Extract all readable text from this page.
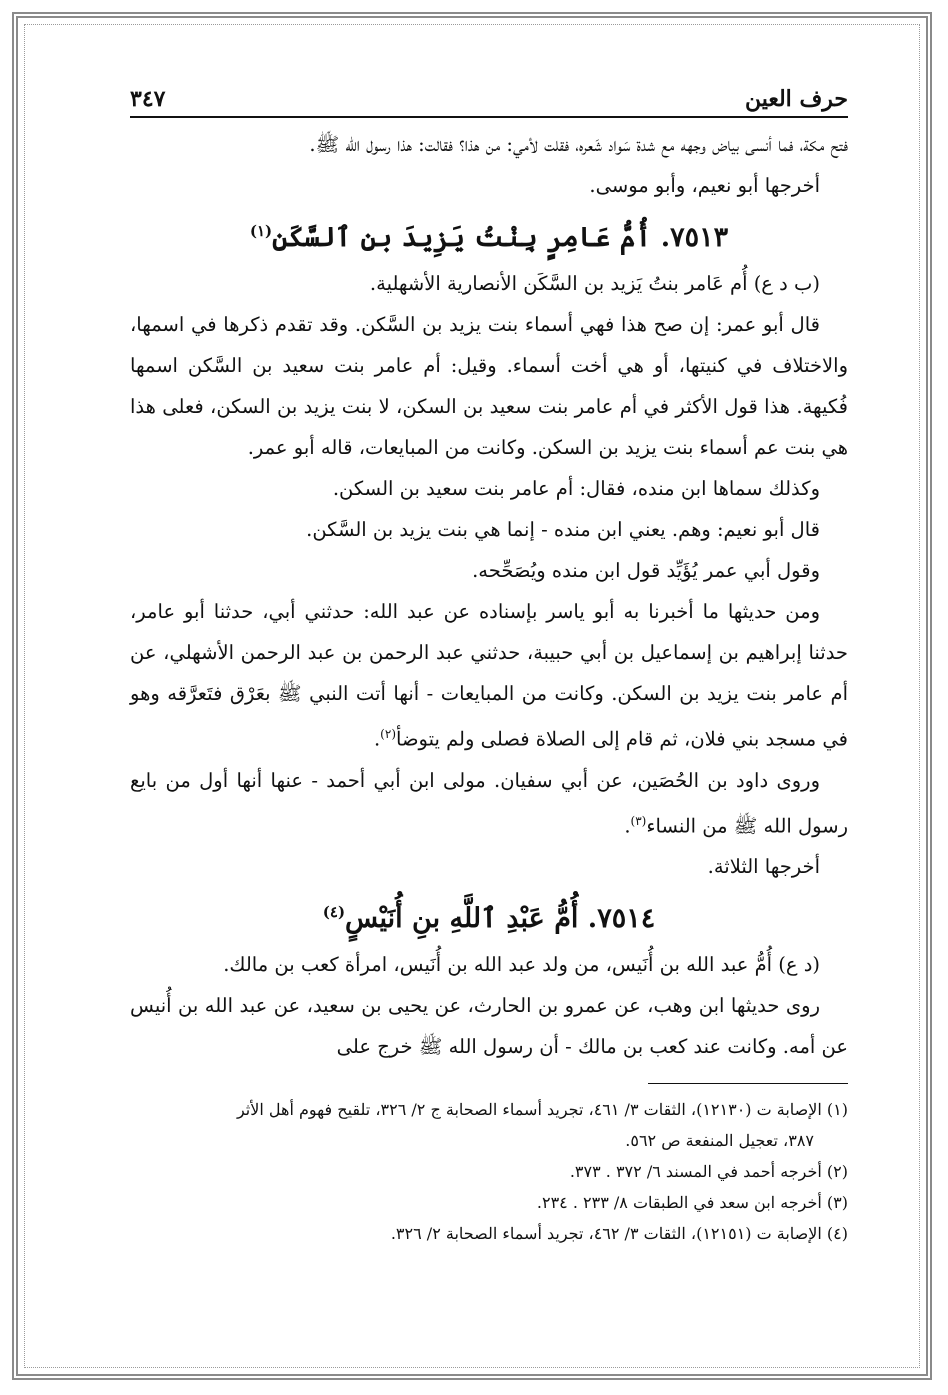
حرف العين
٣٤٧

فتح مكة، فما أنسى بياض وجهه مع شدة سَواد شَعره، فقلت لأمي: من هذا؟ فقالت: هذا رسول الله ﷺ.

أخرجها أبو نعيم، وأبو موسى.

٧٥١٣. أُمُّ عَامِرٍ بِنْتُ يَزِيدَ بنِ ٱلسَّكَنِ$^{(١)}$

(ب د ع) أُم عَامر بنتُ يَزيد بن السَّكَن الأنصارية الأشهلية.

قال أبو عمر: إن صح هذا فهي أسماء بنت يزيد بن السَّكن. وقد تقدم ذكرها في اسمها، والاختلاف في كنيتها، أو هي أخت أسماء. وقيل: أم عامر بنت سعيد بن السَّكن اسمها فُكيهة. هذا قول الأكثر في أم عامر بنت سعيد بن السكن، لا بنت يزيد بن السكن، فعلى هذا هي بنت عم أسماء بنت يزيد بن السكن. وكانت من المبايعات، قاله أبو عمر.

وكذلك سماها ابن منده، فقال: أم عامر بنت سعيد بن السكن.

قال أبو نعيم: وهم. يعني ابن منده - إنما هي بنت يزيد بن السَّكن.

وقول أبي عمر يُؤَيِّد قول ابن منده ويُصَحِّحه.

ومن حديثها ما أخبرنا به أبو ياسر بإسناده عن عبد الله: حدثني أبي، حدثنا أبو عامر، حدثنا إبراهيم بن إسماعيل بن أبي حبيبة، حدثني عبد الرحمن بن عبد الرحمن الأشهلي، عن أم عامر بنت يزيد بن السكن. وكانت من المبايعات - أنها أتت النبي ﷺ بعَرْق فتَعرَّقه وهو في مسجد بني فلان، ثم قام إلى الصلاة فصلى ولم يتوضأ$^{(٢)}$.

وروى داود بن الحُصَين، عن أبي سفيان. مولى ابن أبي أحمد - عنها أنها أول من بايع رسول الله ﷺ من النساء$^{(٣)}$.

أخرجها الثلاثة.

٧٥١٤. أُمُّ عَبْدِ ٱللَّهِ بنِ أُنَيْسٍ$^{(٤)}$

(د ع) أُمُّ عبد الله بن أُنَيس، من ولد عبد الله بن أُنَيس، امرأة كعب بن مالك.

روى حديثها ابن وهب، عن عمرو بن الحارث، عن يحيى بن سعيد، عن عبد الله بن أُنيس عن أمه. وكانت عند كعب بن مالك - أن رسول الله ﷺ خرج على

(١) الإصابة ت (١٢١٣٠)، الثقات ٣/ ٤٦١، تجريد أسماء الصحابة ج ٢/ ٣٢٦، تلقيح فهوم أهل الأثر

٣٨٧، تعجيل المنفعة ص ٥٦٢.

(٢) أخرجه أحمد في المسند ٦/ ٣٧٢ . ٣٧٣.

(٣) أخرجه ابن سعد في الطبقات ٨/ ٢٣٣ . ٢٣٤.

(٤) الإصابة ت (١٢١٥١)، الثقات ٣/ ٤٦٢، تجريد أسماء الصحابة ٢/ ٣٢٦.
